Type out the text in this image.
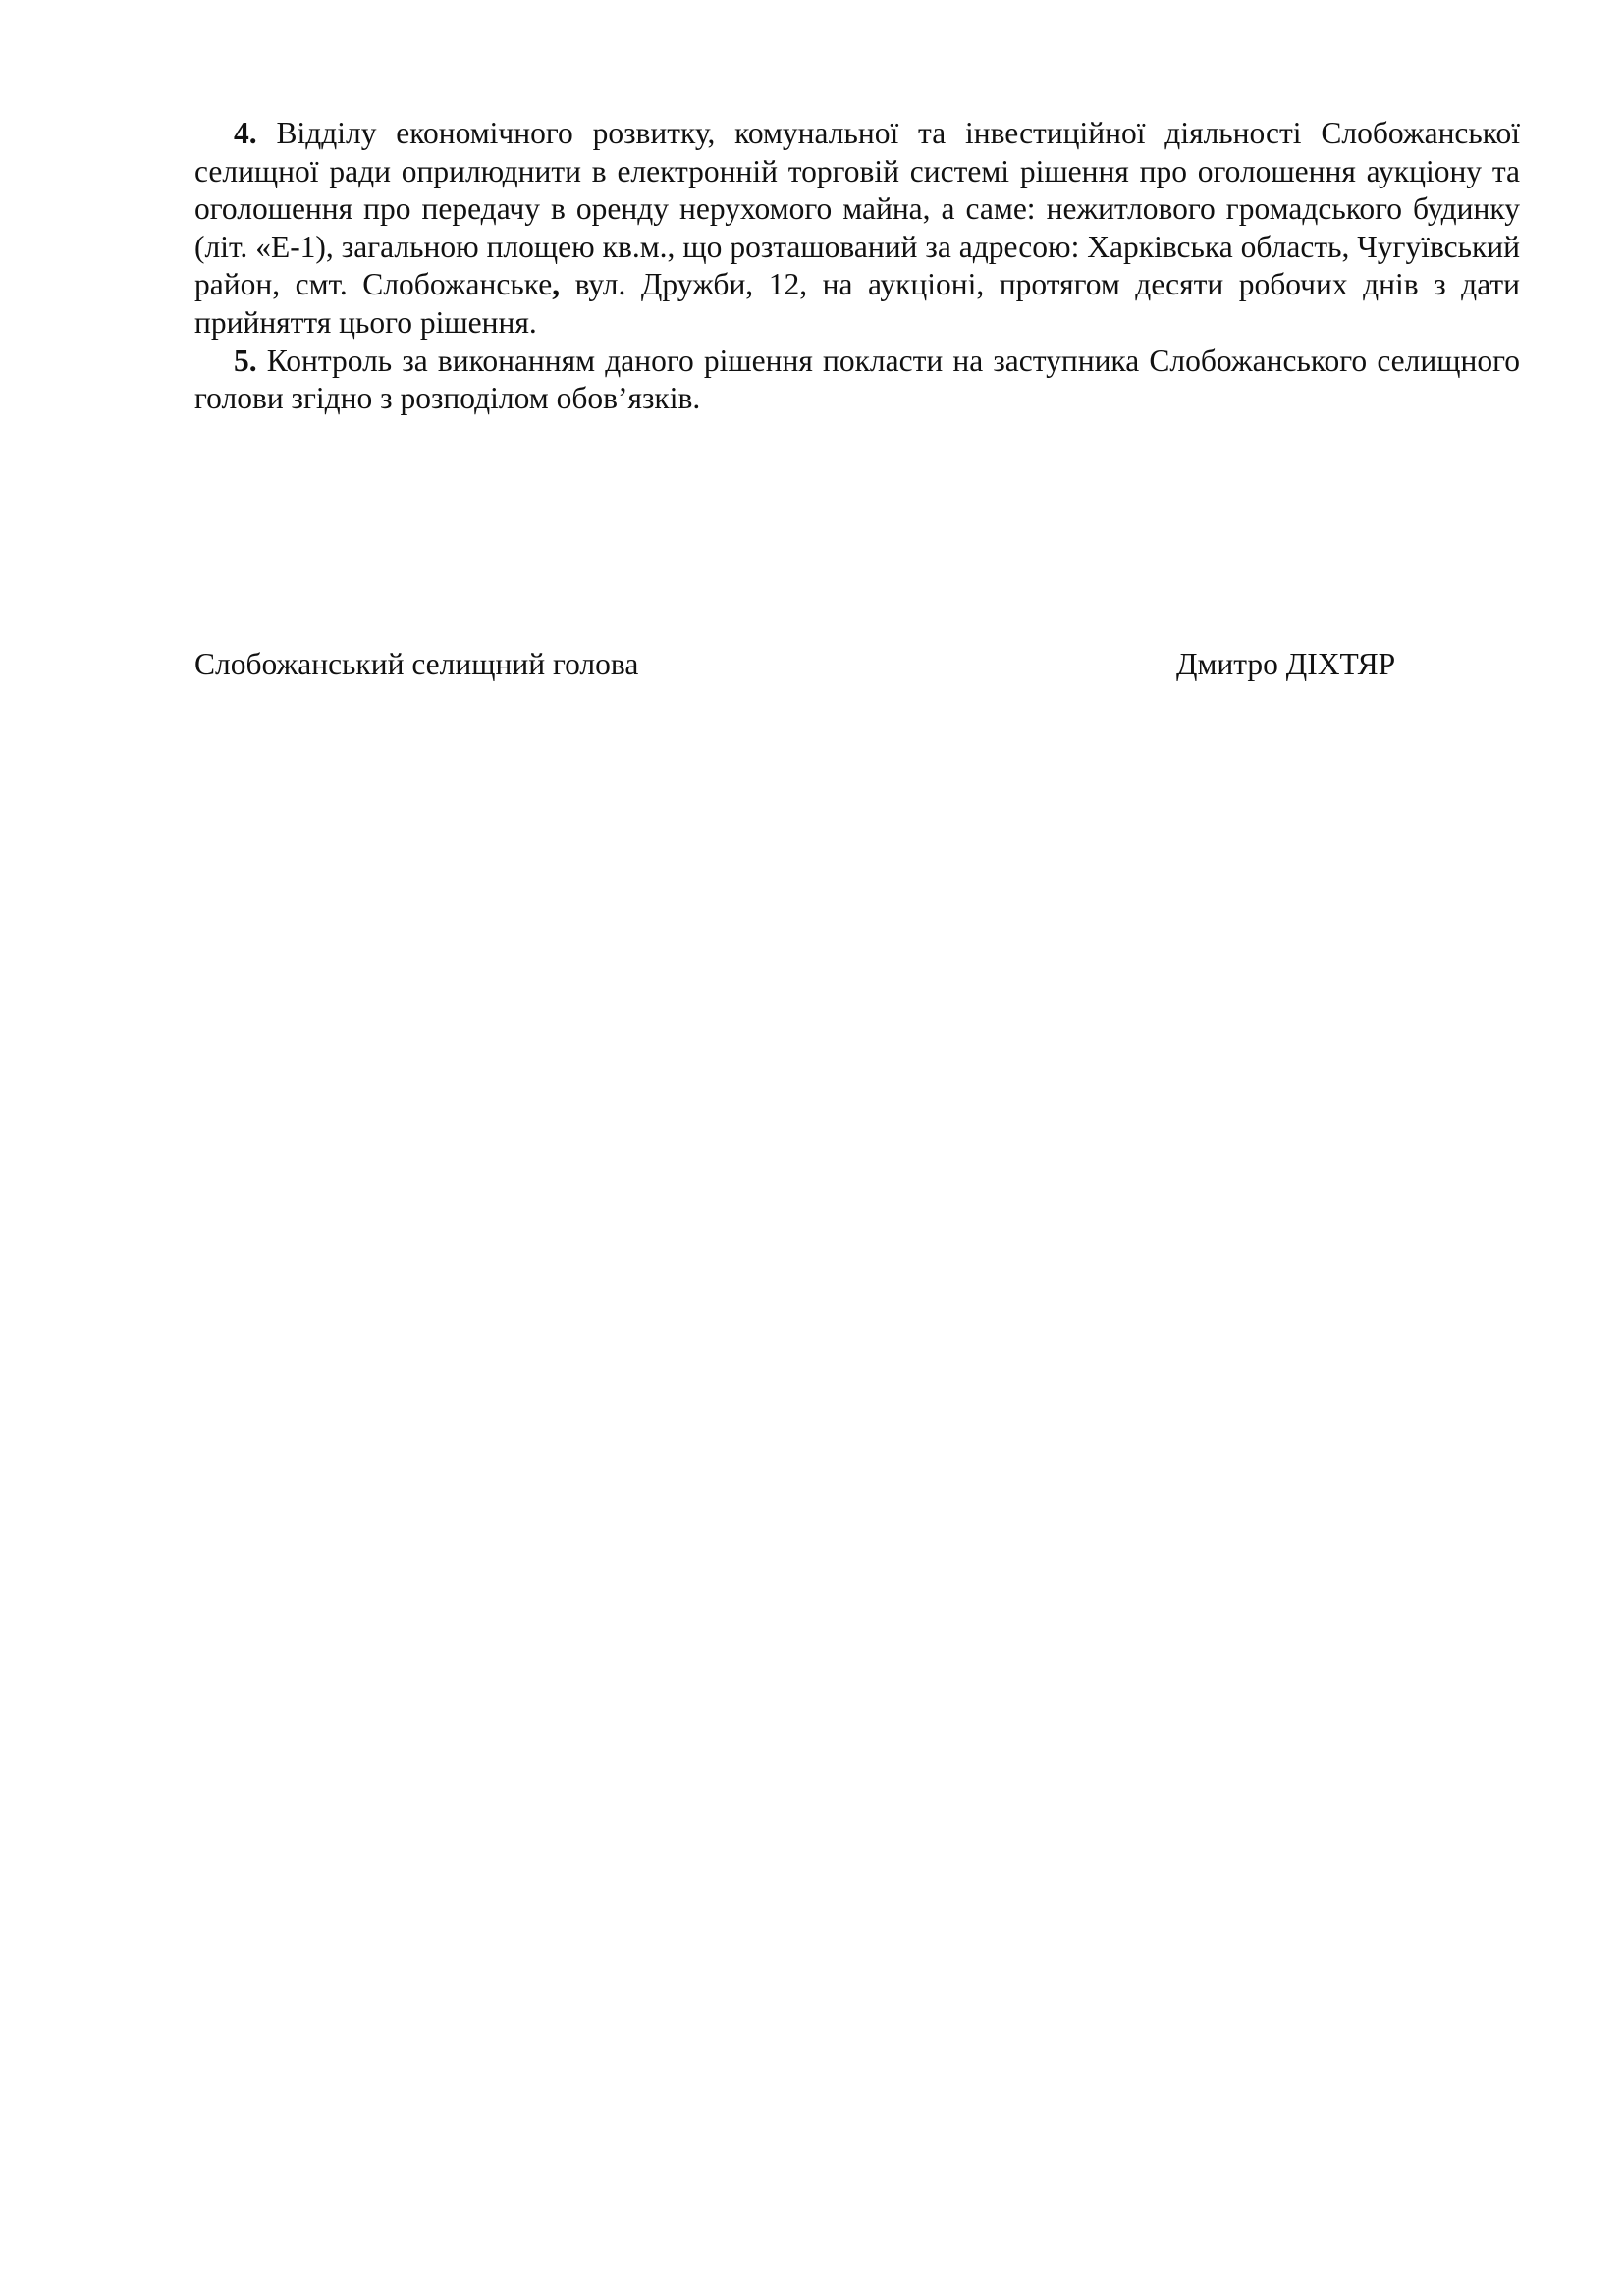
4. Відділу економічного розвитку, комунальної та інвестиційної діяльності Слобожанської селищної ради оприлюднити в електронній торговій системі рішення про оголошення аукціону та оголошення про передачу в оренду нерухомого майна, а саме: нежитлового громадського будинку (літ. «Е-1), загальною площею кв.м., що розташований за адресою: Харківська область, Чугуївський район, смт. Слобожанське, вул. Дружби, 12, на аукціоні, протягом десяти робочих днів з дати прийняття цього рішення.

5. Контроль за виконанням даного рішення покласти на заступника Слобожанського селищного голови згідно з розподілом обов’язків.

Слобожанський селищний голова	Дмитро ДІХТЯР
